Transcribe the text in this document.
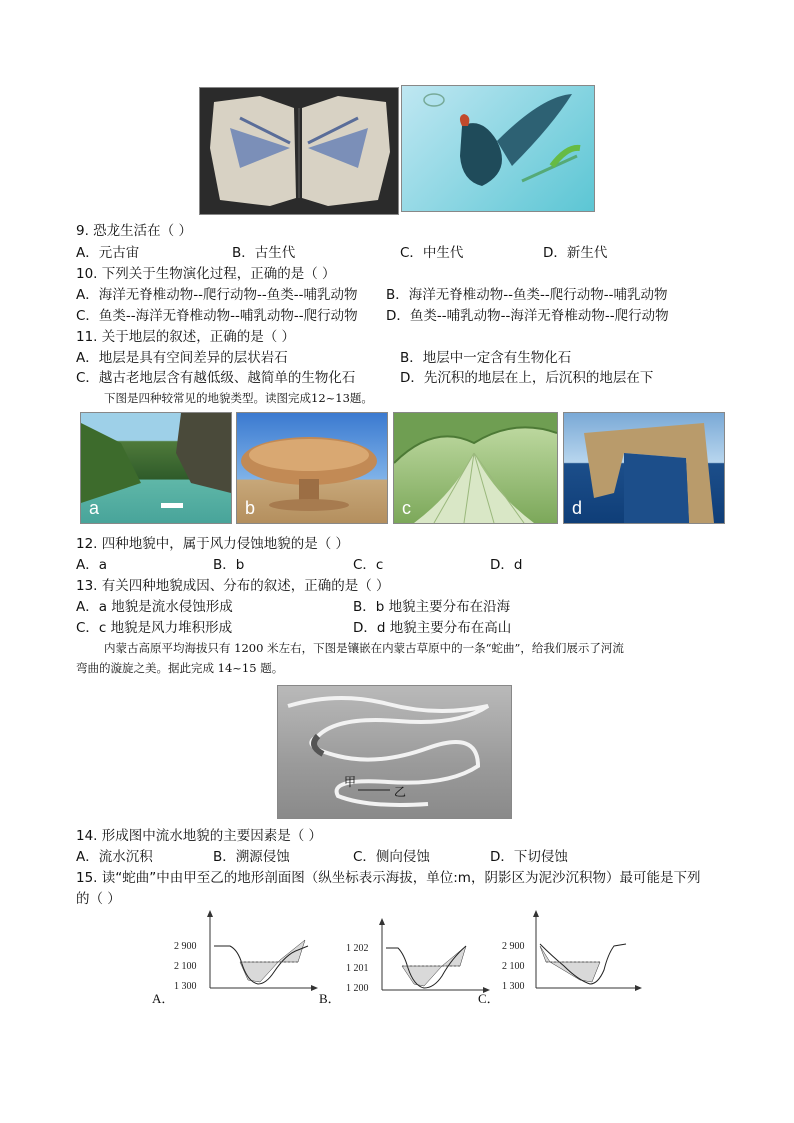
9. 恐龙生活在（ ）
A．元古宙	B．古生代	C．中生代	D．新生代
10. 下列关于生物演化过程，正确的是（ ）
A．海洋无脊椎动物--爬行动物--鱼类--哺乳动物 B．海洋无脊椎动物--鱼类--爬行动物--哺乳动物
C．鱼类--海洋无脊椎动物--哺乳动物--爬行动物 D．鱼类--哺乳动物--海洋无脊椎动物--爬行动物
11. 关于地层的叙述，正确的是（ ）
A．地层是具有空间差异的层状岩石	B．地层中一定含有生物化石
C．越古老地层含有越低级、越简单的生物化石	D．先沉积的地层在上，后沉积的地层在下
下图是四种较常见的地貌类型。读图完成12~13题。
a	b	c	d
12. 四种地貌中，属于风力侵蚀地貌的是（ ）
A．a	B．b	C．c	D．d
13. 有关四种地貌成因、分布的叙述，正确的是（ ）
A．a 地貌是流水侵蚀形成	B．b 地貌主要分布在沿海
C．c 地貌是风力堆积形成	D．d 地貌主要分布在高山
内蒙古高原平均海拔只有 1200 米左右，下图是镶嵌在内蒙古草原中的一条“蛇曲”，给我们展示了河流
弯曲的漩旋之美。据此完成 14~15 题。
甲
乙
14. 形成图中流水地貌的主要因素是（ ）
A．流水沉积	B．溯源侵蚀	C．侧向侵蚀	D．下切侵蚀
15. 读“蛇曲”中由甲至乙的地形剖面图（纵坐标表示海拔，单位:m，阴影区为泥沙沉积物）最可能是下列
的（ ）
2 900
2 100
1 300
A．
1 202
1 201
1 200
B．
2 900
2 100
1 300
C．
